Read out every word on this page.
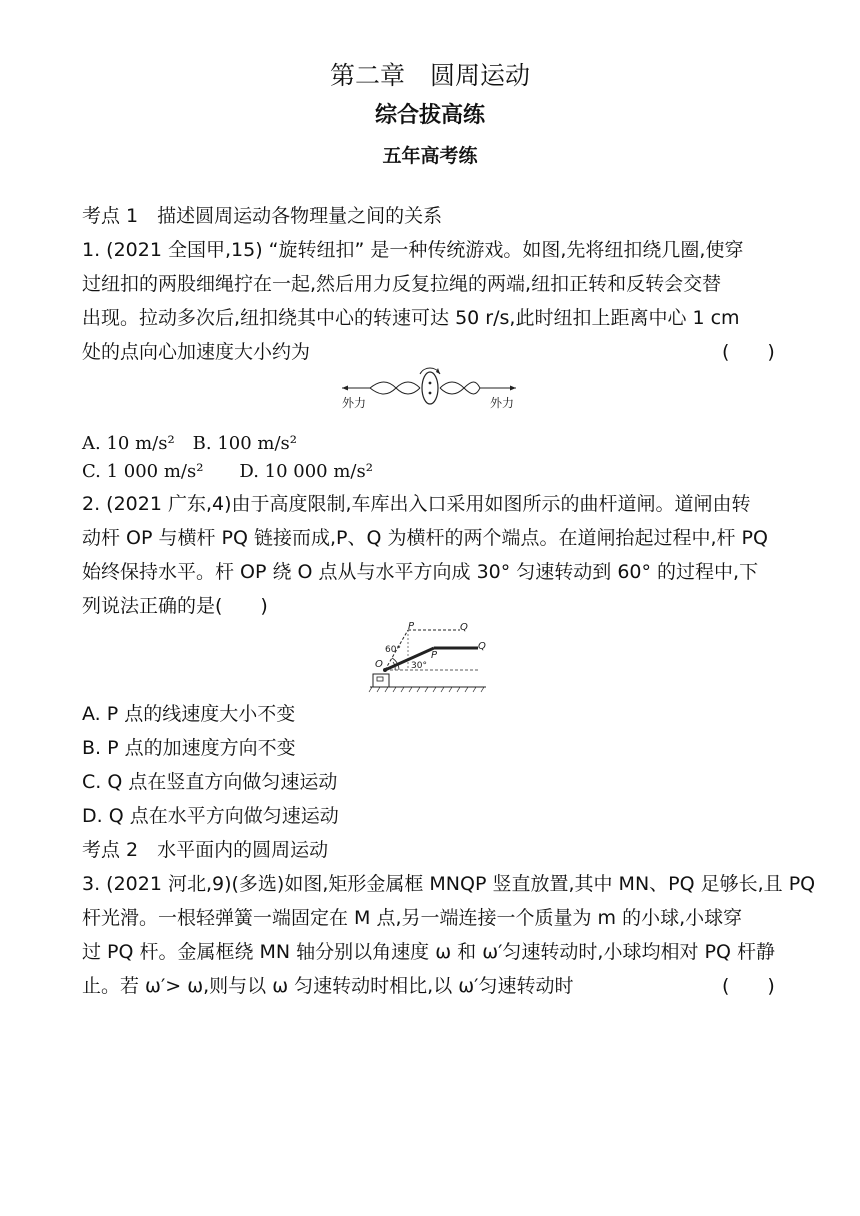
第二章　圆周运动
综合拔高练
五年高考练
考点 1　描述圆周运动各物理量之间的关系
1. (2021 全国甲,15) “旋转纽扣” 是一种传统游戏。如图,先将纽扣绕几圈,使穿
过纽扣的两股细绳拧在一起,然后用力反复拉绳的两端,纽扣正转和反转会交替
出现。拉动多次后,纽扣绕其中心的转速可达 50 r/s,此时纽扣上距离中心 1 cm
处的点向心加速度大小约为	(　　)
外力	外力
A. 10 m/s²　B. 100 m/s²
C. 1 000 m/s²　　D. 10 000 m/s²
2. (2021 广东,4)由于高度限制,车库出入口采用如图所示的曲杆道闸。道闸由转
动杆 OP 与横杆 PQ 链接而成,P、Q 为横杆的两个端点。在道闸抬起过程中,杆 PQ
始终保持水平。杆 OP 绕 O 点从与水平方向成 30° 匀速转动到 60° 的过程中,下
列说法正确的是(　　)
P	Q
P
Q
O
60°
30°
A. P 点的线速度大小不变
B. P 点的加速度方向不变
C. Q 点在竖直方向做匀速运动
D. Q 点在水平方向做匀速运动
考点 2　水平面内的圆周运动
3. (2021 河北,9)(多选)如图,矩形金属框 MNQP 竖直放置,其中 MN、PQ 足够长,且 PQ
杆光滑。一根轻弹簧一端固定在 M 点,另一端连接一个质量为 m 的小球,小球穿
过 PQ 杆。金属框绕 MN 轴分别以角速度 ω 和 ω′匀速转动时,小球均相对 PQ 杆静
止。若 ω′> ω,则与以 ω 匀速转动时相比,以 ω′匀速转动时	(　　)
